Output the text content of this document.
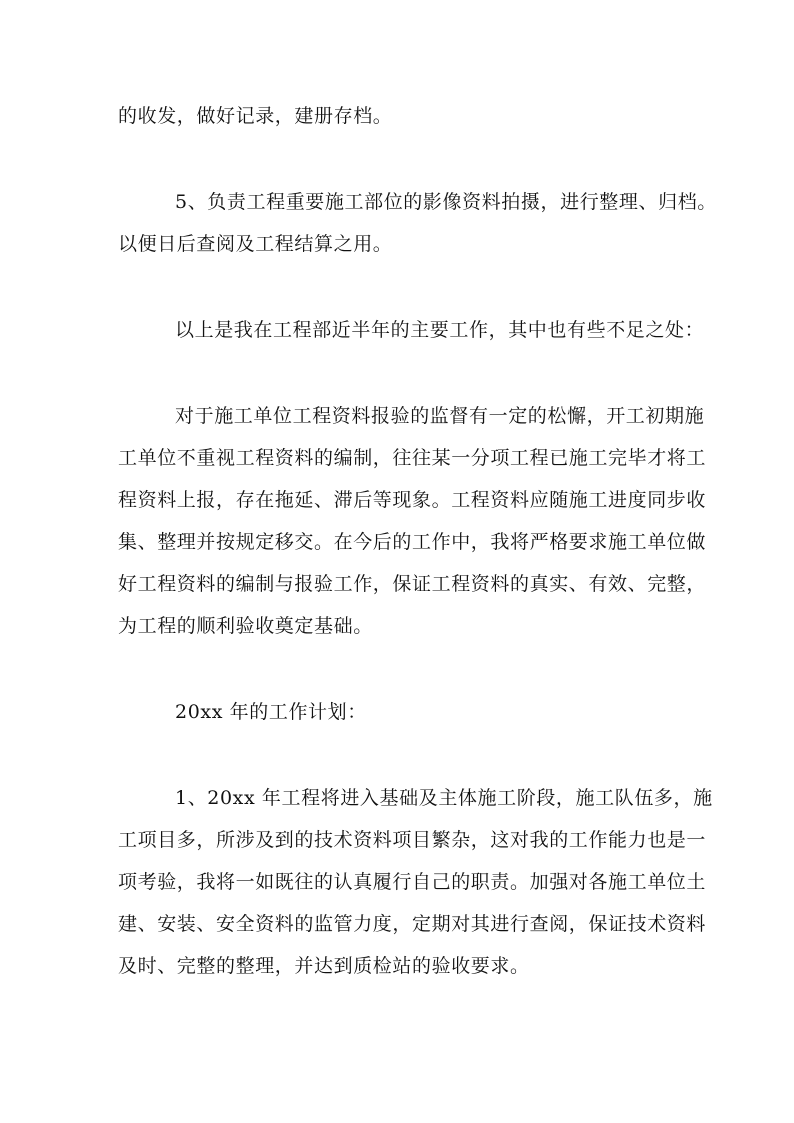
的收发，做好记录，建册存档。
5、负责工程重要施工部位的影像资料拍摄，进行整理、归档。
以便日后查阅及工程结算之用。
以上是我在工程部近半年的主要工作，其中也有些不足之处：
对于施工单位工程资料报验的监督有一定的松懈，开工初期施
工单位不重视工程资料的编制，往往某一分项工程已施工完毕才将工
程资料上报，存在拖延、滞后等现象。工程资料应随施工进度同步收
集、整理并按规定移交。在今后的工作中，我将严格要求施工单位做
好工程资料的编制与报验工作，保证工程资料的真实、有效、完整，
为工程的顺利验收奠定基础。
20xx 年的工作计划：
1、20xx 年工程将进入基础及主体施工阶段，施工队伍多，施
工项目多，所涉及到的技术资料项目繁杂，这对我的工作能力也是一
项考验，我将一如既往的认真履行自己的职责。加强对各施工单位土
建、安装、安全资料的监管力度，定期对其进行查阅，保证技术资料
及时、完整的整理，并达到质检站的验收要求。
